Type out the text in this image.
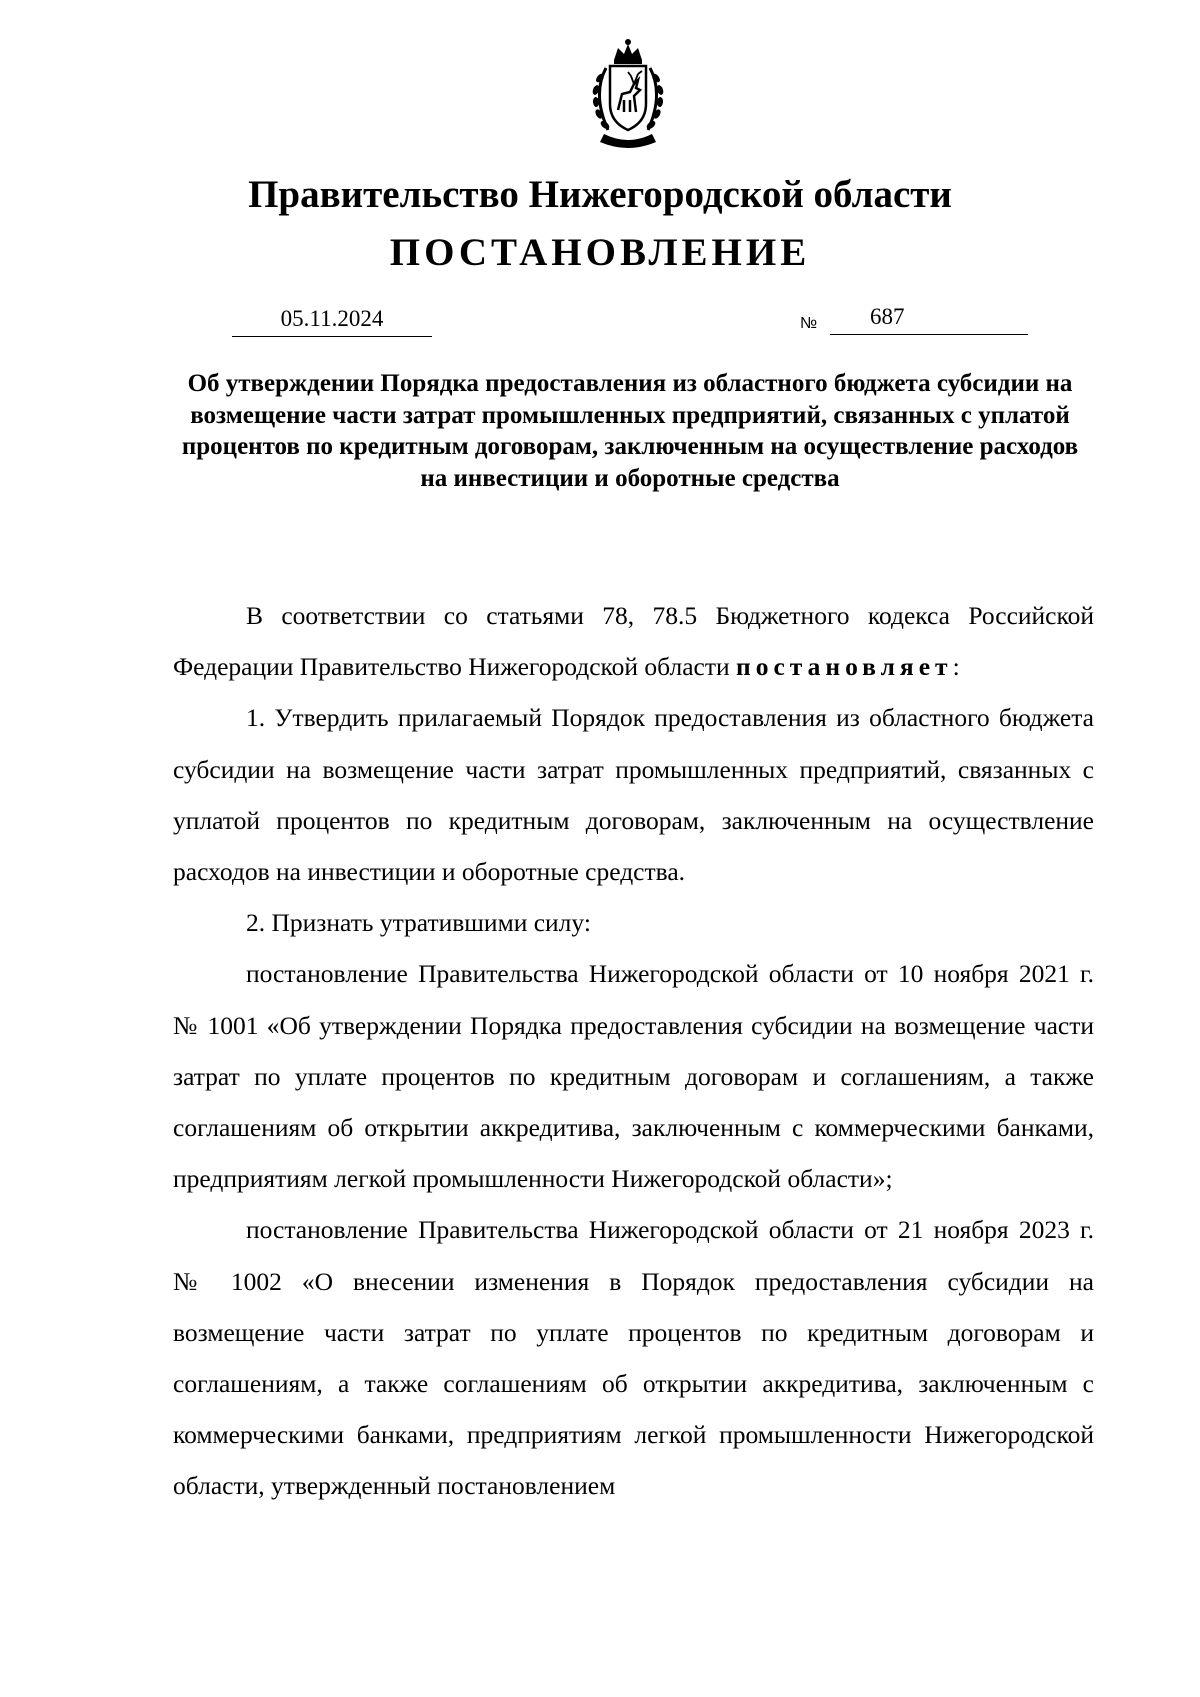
Правительство Нижегородской области
ПОСТАНОВЛЕНИЕ
05.11.2024	№	687
Об утверждении Порядка предоставления из областного бюджета субсидии на возмещение части затрат промышленных предприятий, связанных с уплатой процентов по кредитным договорам, заключенным на осуществление расходов на инвестиции и оборотные средства

В соответствии со статьями 78, 78.5 Бюджетного кодекса Российской Федерации Правительство Нижегородской области постановляет:

1. Утвердить прилагаемый Порядок предоставления из областного бюджета субсидии на возмещение части затрат промышленных предприятий, связанных с уплатой процентов по кредитным договорам, заключенным на осуществление расходов на инвестиции и оборотные средства.

2. Признать утратившими силу:

постановление Правительства Нижегородской области от 10 ноября 2021 г. № 1001 «Об утверждении Порядка предоставления субсидии на возмещение части затрат по уплате процентов по кредитным договорам и соглашениям, а также соглашениям об открытии аккредитива, заключенным с коммерческими банками, предприятиям легкой промышленности Нижегородской области»;

постановление Правительства Нижегородской области от 21 ноября 2023 г. № 1002 «О внесении изменения в Порядок предоставления субсидии на возмещение части затрат по уплате процентов по кредитным договорам и соглашениям, а также соглашениям об открытии аккредитива, заключенным с коммерческими банками, предприятиям легкой промышленности Нижегородской области, утвержденный постановлением
